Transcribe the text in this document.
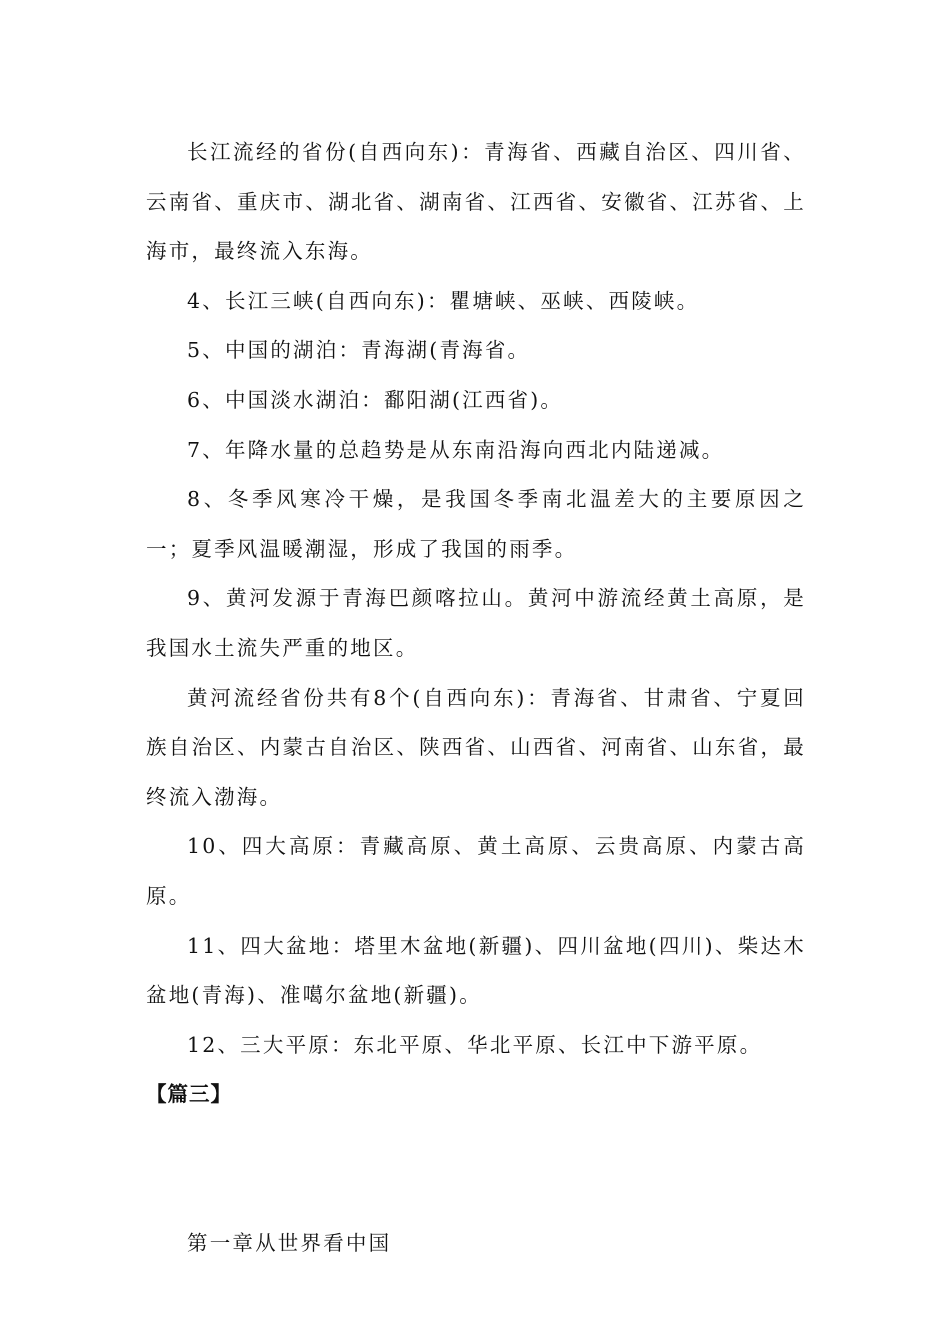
长江流经的省份(自西向东)：青海省、西藏自治区、四川省、云南省、重庆市、湖北省、湖南省、江西省、安徽省、江苏省、上海市，最终流入东海。

4、长江三峡(自西向东)：瞿塘峡、巫峡、西陵峡。

5、中国的湖泊：青海湖(青海省。

6、中国淡水湖泊：鄱阳湖(江西省)。

7、年降水量的总趋势是从东南沿海向西北内陆递减。

8、冬季风寒冷干燥，是我国冬季南北温差大的主要原因之一；夏季风温暖潮湿，形成了我国的雨季。

9、黄河发源于青海巴颜喀拉山。黄河中游流经黄土高原，是我国水土流失严重的地区。

黄河流经省份共有8个(自西向东)：青海省、甘肃省、宁夏回族自治区、内蒙古自治区、陕西省、山西省、河南省、山东省，最终流入渤海。

10、四大高原：青藏高原、黄土高原、云贵高原、内蒙古高原。

11、四大盆地：塔里木盆地(新疆)、四川盆地(四川)、柴达木盆地(青海)、准噶尔盆地(新疆)。

12、三大平原：东北平原、华北平原、长江中下游平原。

【篇三】

第一章从世界看中国
